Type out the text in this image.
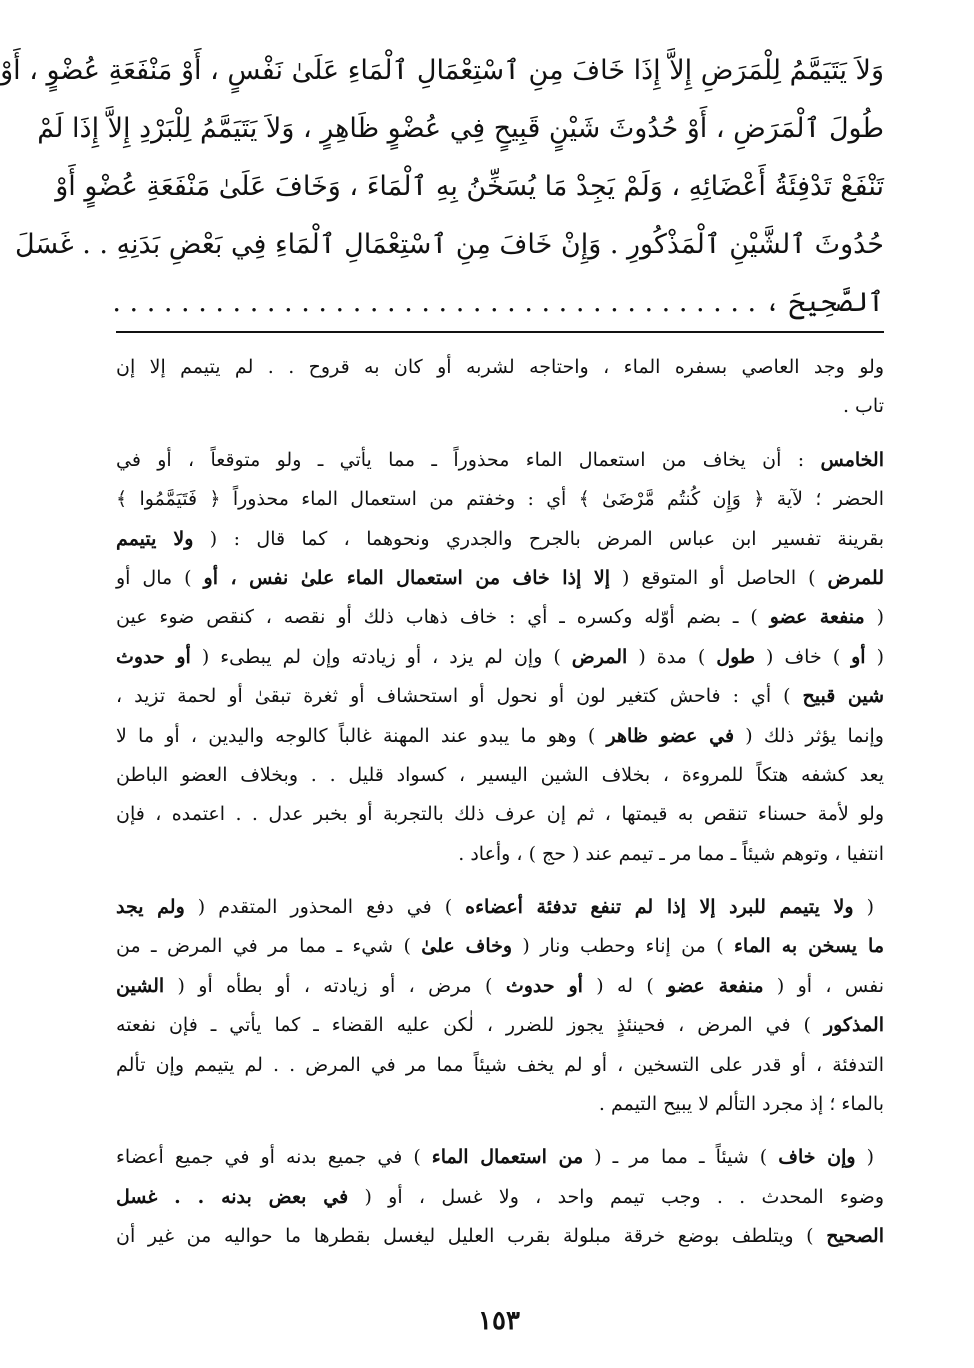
وَلاَ يَتَيَمَّمُ لِلْمَرَضِ إِلاَّ إِذَا خَافَ مِنِ ٱسْتِعْمَالِ ٱلْمَاءِ عَلَىٰ نَفْسٍ ، أَوْ مَنْفَعَةِ عُضْوٍ ، أَوْ
طُولَ ٱلْمَرَضِ ، أَوْ حُدُوثَ شَيْنٍ قَبِيحٍ فِي عُضْوٍ ظَاهِرٍ ، وَلاَ يَتَيَمَّمُ لِلْبَرْدِ إِلاَّ إِذَا لَمْ
تَنْفَعْ تَدْفِئَةُ أَعْضَائِهِ ، وَلَمْ يَجِدْ مَا يُسَخِّنُ بِهِ ٱلْمَاءَ ، وَخَافَ عَلَىٰ مَنْفَعَةِ عُضْوٍ أَوْ
حُدُوثَ ٱلشَّيْنِ ٱلْمَذْكُورِ . وَإِنْ خَافَ مِنِ ٱسْتِعْمَالِ ٱلْمَاءِ فِي بَعْضِ بَدَنِهِ . . غَسَلَ
ٱلصَّحِيحَ ، . . . . . . . . . . . . . . . . . . . . . . . . . . . . . . . . . . . . . .
ولو وجد العاصي بسفره الماء ، واحتاجه لشربه أو كان به قروح . . لم يتيمم إلا إن
تاب .
الخامس : أن يخاف من استعمال الماء محذوراً ـ مما يأتي ـ ولو متوقعاً ، أو في
الحضر ؛ لآية ﴿ وَإِن كُنتُم مَّرْضَىٰ ﴾ أي : وخفتم من استعمال الماء محذوراً ﴿ فَتَيَمَّمُوا ﴾
بقرينة تفسير ابن عباس المرض بالجرح والجدري ونحوهما ، كما قال : ( ولا يتيمم
للمرض ) الحاصل أو المتوقع ( إلا إذا خاف من استعمال الماء علىٰ نفس ، أو ) مال أو
( منفعة عضو ) ـ بضم أوّله وكسره ـ أي : خاف ذهاب ذلك أو نقصه ، كنقص ضوء عين
( أو ) خاف ( طول ) مدة ( المرض ) وإن لم يزد ، أو زيادته وإن لم يبطىء ( أو حدوث
شين قبيح ) أي : فاحش كتغير لون أو نحول أو استحشاف أو ثغرة تبقىٰ أو لحمة تزيد ،
وإنما يؤثر ذلك ( في عضو ظاهر ) وهو ما يبدو عند المهنة غالباً كالوجه واليدين ، أو ما لا
يعد كشفه هتكاً للمروءة ، بخلاف الشين اليسير ، كسواد قليل . . وبخلاف العضو الباطن
ولو لأمة حسناء تنقص به قيمتها ، ثم إن عرف ذلك بالتجربة أو بخبر عدل . . اعتمده ، فإن
انتفيا ، وتوهم شيئاً ـ مما مر ـ تيمم عند ( حج ) ، وأعاد .
( ولا يتيمم للبرد إلا إذا لم تنفع تدفئة أعضاءه ) في دفع المحذور المتقدم ( ولم يجد
ما يسخن به الماء ) من إناء وحطب ونار ( وخاف علىٰ ) شيء ـ مما مر في المرض ـ من
نفس ، أو ( منفعة عضو ) له ( أو حدوث ) مرض ، أو زيادته ، أو بطأه أو ( الشين
المذكور ) في المرض ، فحينئذٍ يجوز للضرر ، لٰكن عليه القضاء ـ كما يأتي ـ فإن نفعته
التدفئة ، أو قدر على التسخين ، أو لم يخف شيئاً مما مر في المرض . . لم يتيمم وإن تألم
بالماء ؛ إذ مجرد التألم لا يبيح التيمم .
( وإن خاف ) شيئاً ـ مما مر ـ ( من استعمال الماء ) في جميع بدنه أو في جميع أعضاء
وضوء المحدث . . وجب تيمم واحد ، ولا غسل ، أو ( في بعض بدنه . . غسل
الصحيح ) ويتلطف بوضع خرقة مبلولة بقرب العليل ليغسل بقطرها ما حواليه من غير أن
١٥٣
